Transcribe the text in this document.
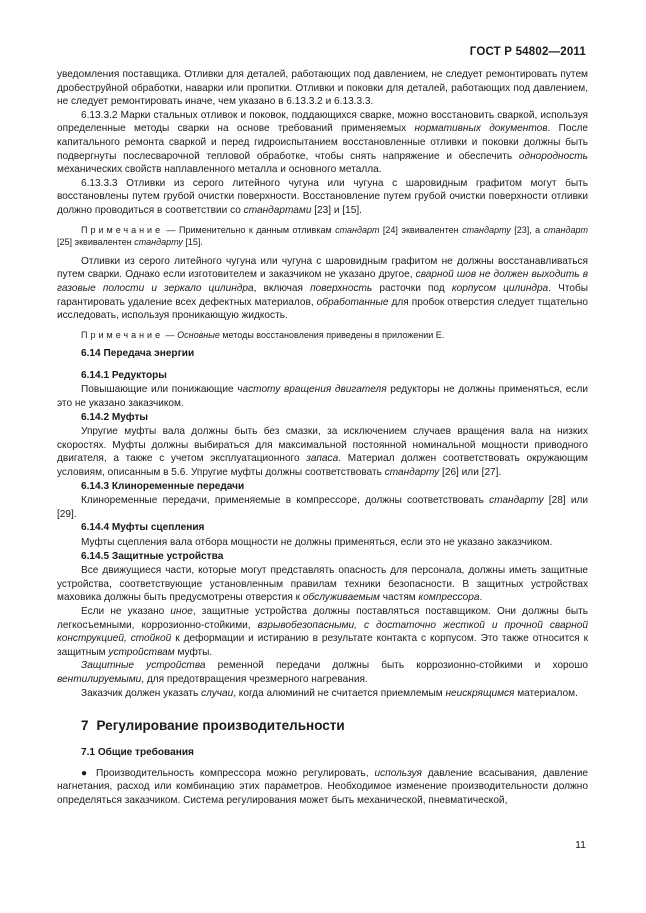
ГОСТ Р 54802—2011

уведомления поставщика. Отливки для деталей, работающих под давлением, не следует ремонтировать путем дробеструйной обработки, наварки или пропитки. Отливки и поковки для деталей, работающих под давлением, не следует ремонтировать иначе, чем указано в 6.13.3.2 и 6.13.3.3.

6.13.3.2 Марки стальных отливок и поковок, поддающихся сварке, можно восстановить сваркой, используя определенные методы сварки на основе требований применяемых нормативных документов. После капитального ремонта сваркой и перед гидроиспытанием восстановленные отливки и поковки должны быть подвергнуты послесварочной тепловой обработке, чтобы снять напряжение и обеспечить однородность механических свойств наплавленного металла и основного металла.

6.13.3.3 Отливки из серого литейного чугуна или чугуна с шаровидным графитом могут быть восстановлены путем грубой очистки поверхности. Восстановление путем грубой очистки поверхности отливки должно проводиться в соответствии со стандартами [23] и [15].

Примечание — Применительно к данным отливкам стандарт [24] эквивалентен стандарту [23], а стандарт [25] эквивалентен стандарту [15].

Отливки из серого литейного чугуна или чугуна с шаровидным графитом не должны восстанавливаться путем сварки. Однако если изготовителем и заказчиком не указано другое, сварной шов не должен выходить в газовые полости и зеркало цилиндра, включая поверхность расточки под корпусом цилиндра. Чтобы гарантировать удаление всех дефектных материалов, обработанные для пробок отверстия следует тщательно исследовать, используя проникающую жидкость.

Примечание — Основные методы восстановления приведены в приложении Е.

6.14 Передача энергии

6.14.1 Редукторы

Повышающие или понижающие частоту вращения двигателя редукторы не должны применяться, если это не указано заказчиком.

6.14.2 Муфты

Упругие муфты вала должны быть без смазки, за исключением случаев вращения вала на низких скоростях. Муфты должны выбираться для максимальной постоянной номинальной мощности приводного двигателя, а также с учетом эксплуатационного запаса. Материал должен соответствовать окружающим условиям, описанным в 5.6. Упругие муфты должны соответствовать стандарту [26] или [27].

6.14.3 Клиноременные передачи

Клиноременные передачи, применяемые в компрессоре, должны соответствовать стандарту [28] или [29].

6.14.4 Муфты сцепления

Муфты сцепления вала отбора мощности не должны применяться, если это не указано заказчиком.

6.14.5 Защитные устройства

Все движущиеся части, которые могут представлять опасность для персонала, должны иметь защитные устройства, соответствующие установленным правилам техники безопасности. В защитных устройствах маховика должны быть предусмотрены отверстия к обслуживаемым частям компрессора.

Если не указано иное, защитные устройства должны поставляться поставщиком. Они должны быть легкосъемными, коррозионно-стойкими, взрывобезопасными, с достаточно жесткой и прочной сварной конструкцией, стойкой к деформации и истиранию в результате контакта с корпусом. Это также относится к защитным устройствам муфты.

Защитные устройства ременной передачи должны быть коррозионно-стойкими и хорошо вентилируемыми, для предотвращения чрезмерного нагревания.

Заказчик должен указать случаи, когда алюминий не считается приемлемым неискрящимся материалом.

7 Регулирование производительности

7.1 Общие требования

● Производительность компрессора можно регулировать, используя давление всасывания, давление нагнетания, расход или комбинацию этих параметров. Необходимое изменение производительности должно определяться заказчиком. Система регулирования может быть механической, пневматической,

11
